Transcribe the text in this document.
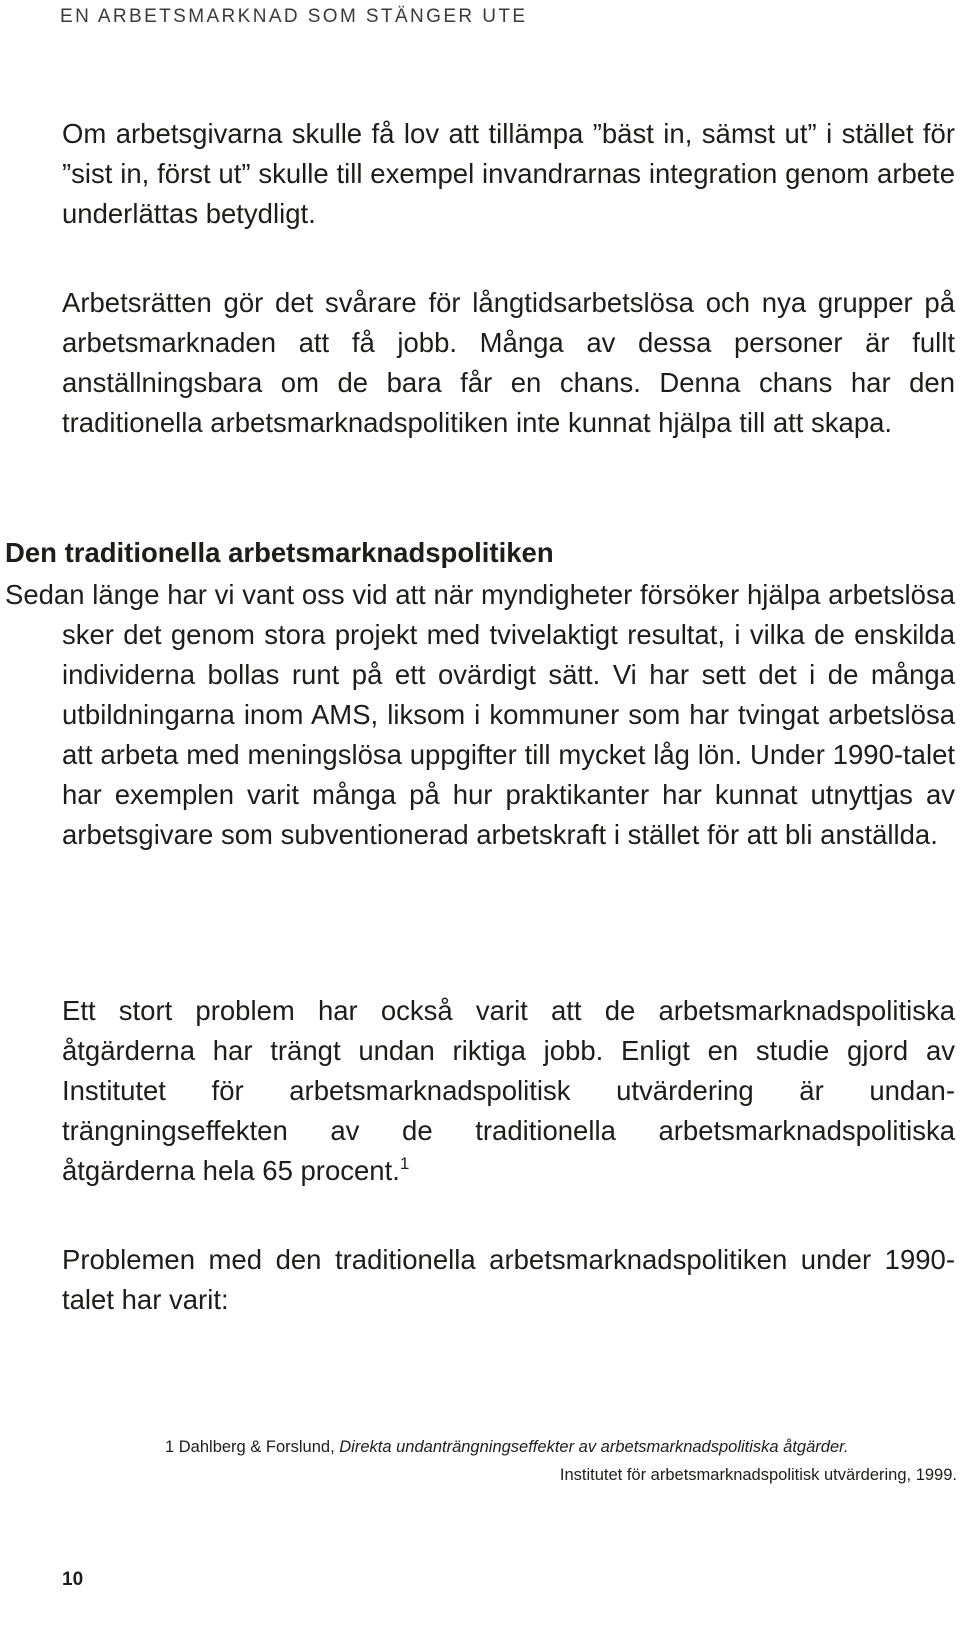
EN ARBETSMARKNAD SOM STÄNGER UTE

Om arbetsgivarna skulle få lov att tillämpa ”bäst in, sämst ut” i stället för ”sist in, först ut” skulle till exempel invandrarnas integration genom arbete underlättas betydligt.

Arbetsrätten gör det svårare för långtidsarbetslösa och nya grupper på arbetsmarknaden att få jobb. Många av dessa personer är fullt anställningsbara om de bara får en chans. Denna chans har den traditionella arbetsmarknadspolitiken inte kunnat hjälpa till att skapa.

Den traditionella arbetsmarknadspolitiken

Sedan länge har vi vant oss vid att när myndigheter försöker hjälpa arbetslösa sker det genom stora projekt med tvivelaktigt resultat, i vilka de enskilda individerna bollas runt på ett ovärdigt sätt. Vi har sett det i de många utbildningarna inom AMS, liksom i kommuner som har tvingat arbetslösa att arbeta med meningslösa uppgifter till mycket låg lön. Under 1990-talet har exemplen varit många på hur praktikanter har kunnat utnyttjas av arbetsgivare som subventionerad arbetskraft i stället för att bli anställda.

Ett stort problem har också varit att de arbetsmarknadspolitiska åtgärderna har trängt undan riktiga jobb. Enligt en studie gjord av Institutet för arbetsmarknadspolitisk utvärdering är undanträngningseffekten av de traditionella arbetsmarknadspolitiska åtgärderna hela 65 procent.$^1$

Problemen med den traditionella arbetsmarknadspolitiken under 1990-talet har varit:

1 Dahlberg & Forslund, Direkta undanträngningseffekter av arbetsmarknadspolitiska åtgärder.

Institutet för arbetsmarknadspolitisk utvärdering, 1999.

10
